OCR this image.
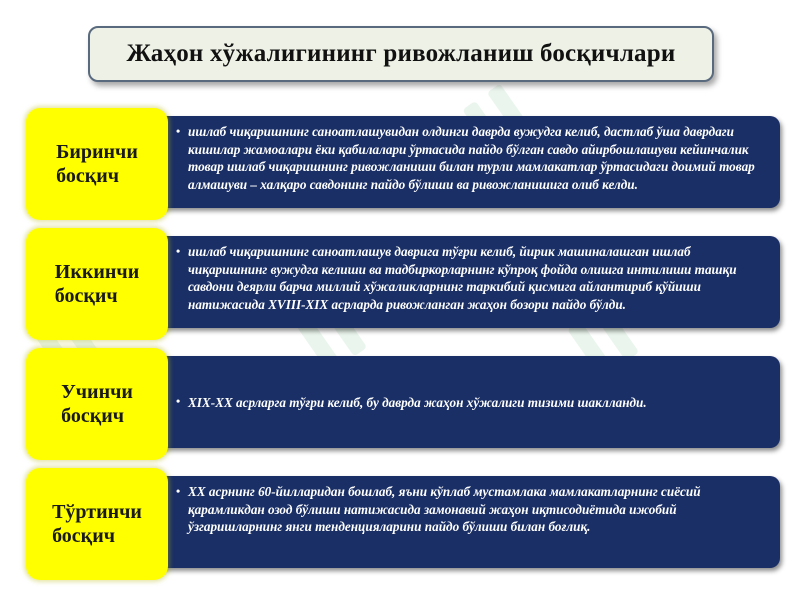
Жаҳон хўжалигининг ривожланиш босқичлари
• ишлаб чиқаришнинг саноатлашувидан олдинги даврда вужудга келиб, дастлаб ўша даврдаги кишилар жамоалари ёки қабилалари ўртасида пайдо бўлган савдо айирбошлашуви кейинчалик товар ишлаб чиқаришнинг ривожланиши билан турли мамлакатлар ўртасидаги доимий товар алмашуви – халқаро савдонинг пайдо бўлиши ва ривожланишига олиб келди.
Биринчи
босқич
• ишлаб чиқаришнинг саноатлашув даврига тўғри келиб, йирик машиналашган ишлаб чиқаришнинг вужудга келиши ва тадбиркорларнинг кўпроқ фойда олишга интилиши ташқи савдони деярли барча миллий хўжаликларнинг таркибий қисмига айлантириб қўйиши натижасида XVIII-XIX асрларда ривожланган жаҳон бозори пайдо бўлди.
Иккинчи
босқич
• XIX-XX асрларга тўғри келиб, бу даврда жаҳон хўжалиги тизими шаклланди.
Учинчи
босқич
• XX асрнинг 60-йилларидан бошлаб, яъни кўплаб мустамлака мамлакатларнинг сиёсий қарамликдан озод бўлиши натижасида замонавий жаҳон иқтисодиётида ижобий ўзгаришларнинг янги тенденцияларини пайдо бўлиши билан боғлиқ.
Тўртинчи
босқич
